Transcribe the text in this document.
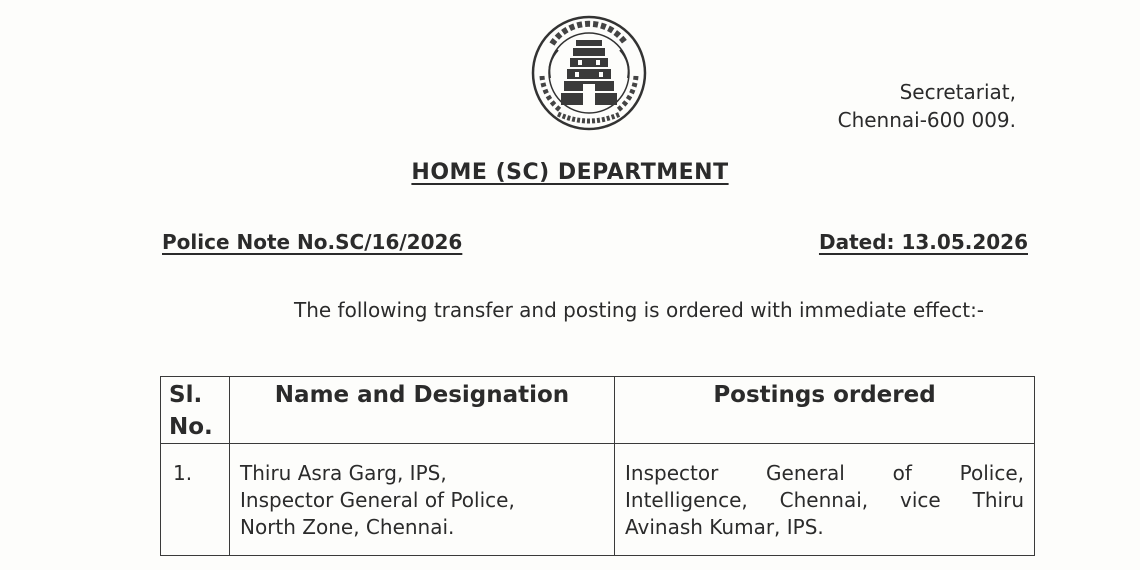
Secretariat,
Chennai-600 009.
HOME (SC) DEPARTMENT
Police Note No.SC/16/2026	Dated: 13.05.2026
The following transfer and posting is ordered with immediate effect:-
Sl. No.	Name and Designation	Postings ordered
1.	Thiru Asra Garg, IPS,
Inspector General of Police,
North Zone, Chennai.	Inspector General of Police, Intelligence, Chennai, vice Thiru Avinash Kumar, IPS.
